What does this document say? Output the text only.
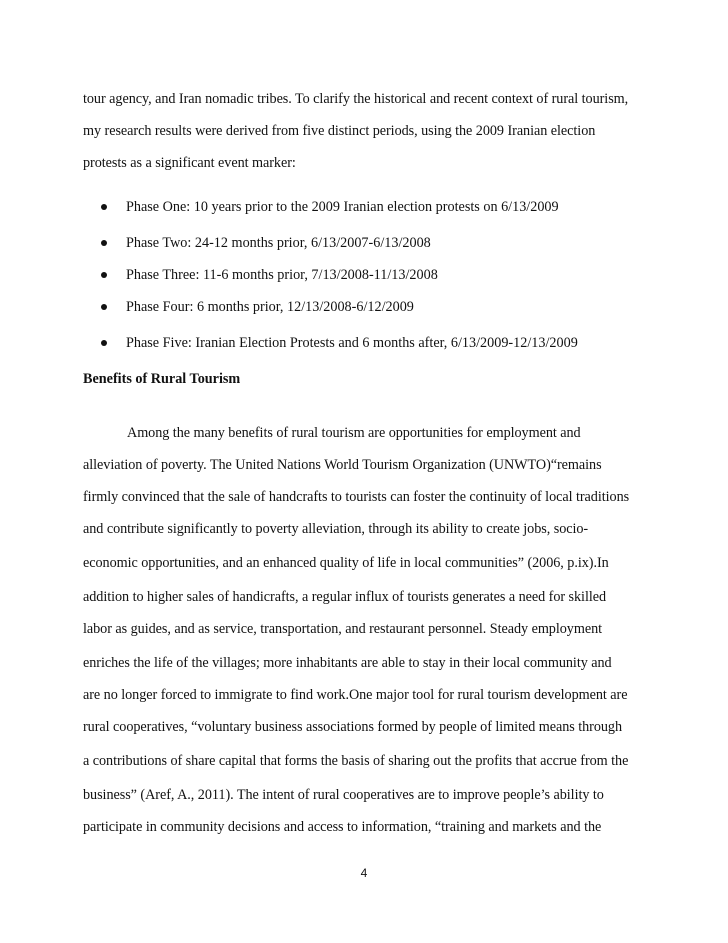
tour agency, and Iran nomadic tribes. To clarify the historical and recent context of rural tourism,
my research results were derived from five distinct periods, using the 2009 Iranian election
protests as a significant event marker:
Phase One: 10 years prior to the 2009 Iranian election protests on 6/13/2009
Phase Two: 24-12 months prior, 6/13/2007-6/13/2008
Phase Three: 11-6 months prior, 7/13/2008-11/13/2008
Phase Four: 6 months prior, 12/13/2008-6/12/2009
Phase Five: Iranian Election Protests and 6 months after, 6/13/2009-12/13/2009
Benefits of Rural Tourism
Among the many benefits of rural tourism are opportunities for employment and
alleviation of poverty. The United Nations World Tourism Organization (UNWTO)“remains
firmly convinced that the sale of handcrafts to tourists can foster the continuity of local traditions
and contribute significantly to poverty alleviation, through its ability to create jobs, socio-
economic opportunities, and an enhanced quality of life in local communities” (2006, p.ix).In
addition to higher sales of handicrafts, a regular influx of tourists generates a need for skilled
labor as guides, and as service, transportation, and restaurant personnel. Steady employment
enriches the life of the villages; more inhabitants are able to stay in their local community and
are no longer forced to immigrate to find work.One major tool for rural tourism development are
rural cooperatives, “voluntary business associations formed by people of limited means through
a contributions of share capital that forms the basis of sharing out the profits that accrue from the
business” (Aref, A., 2011). The intent of rural cooperatives are to improve people’s ability to
participate in community decisions and access to information, “training and markets and the
4
